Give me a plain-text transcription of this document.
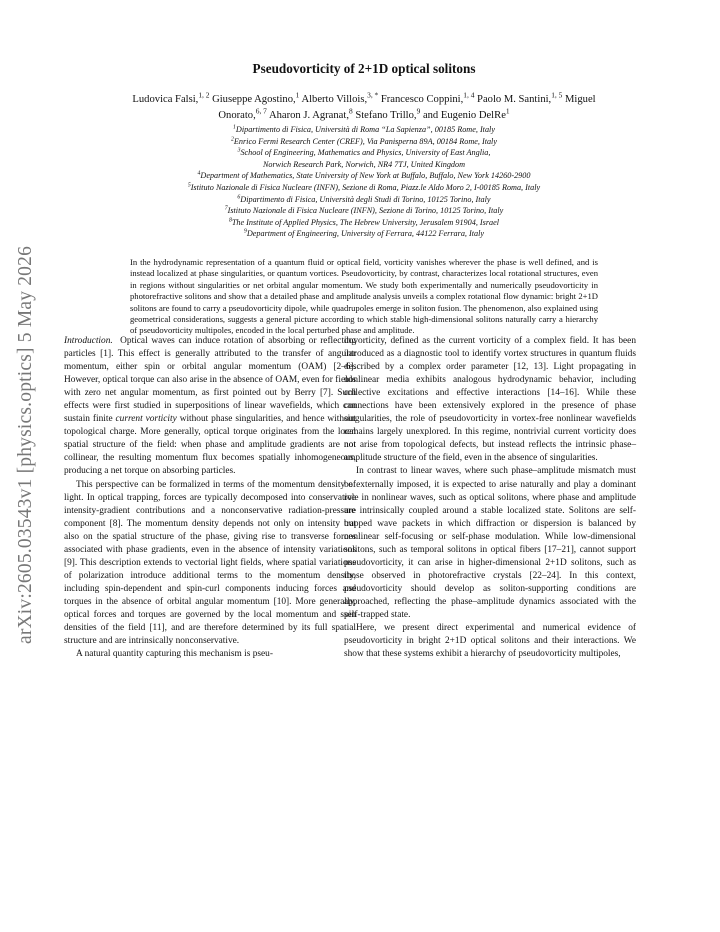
arXiv:2605.03543v1 [physics.optics] 5 May 2026
Pseudovorticity of 2+1D optical solitons
Ludovica Falsi,$^{1, 2}$ Giuseppe Agostino,$^1$ Alberto Villois,$^{3, *}$ Francesco Coppini,$^{1, 4}$ Paolo M. Santini,$^{1, 5}$ Miguel Onorato,$^{6, 7}$ Aharon J. Agranat,$^8$ Stefano Trillo,$^9$ and Eugenio DelRe$^1$
$^1$Dipartimento di Fisica, Università di Roma “La Sapienza”, 00185 Rome, Italy
$^2$Enrico Fermi Research Center (CREF), Via Panisperna 89A, 00184 Rome, Italy
$^3$School of Engineering, Mathematics and Physics, University of East Anglia,
Norwich Research Park, Norwich, NR4 7TJ, United Kingdom
$^4$Department of Mathematics, State University of New York at Buffalo, Buffalo, New York 14260-2900
$^5$Istituto Nazionale di Fisica Nucleare (INFN), Sezione di Roma, Piazz.le Aldo Moro 2, I-00185 Roma, Italy
$^6$Dipartimento di Fisica, Università degli Studi di Torino, 10125 Torino, Italy
$^7$Istituto Nazionale di Fisica Nucleare (INFN), Sezione di Torino, 10125 Torino, Italy
$^8$The Institute of Applied Physics, The Hebrew University, Jerusalem 91904, Israel
$^9$Department of Engineering, University of Ferrara, 44122 Ferrara, Italy
In the hydrodynamic representation of a quantum fluid or optical field, vorticity vanishes wherever the phase is well defined, and is instead localized at phase singularities, or quantum vortices. Pseudovorticity, by contrast, characterizes local rotational structures, even in regions without singularities or net orbital angular momentum. We study both experimentally and numerically pseudovorticity in photorefractive solitons and show that a detailed phase and amplitude analysis unveils a complex rotational flow dynamic: bright 2+1D solitons are found to carry a pseudovorticity dipole, while quadrupoles emerge in soliton fusion. The phenomenon, also explained using geometrical considerations, suggests a general picture according to which stable high-dimensional solitons naturally carry a hierarchy of pseudovorticity multipoles, encoded in the local perturbed phase and amplitude.

Introduction. Optical waves can induce rotation of absorbing or reflecting particles [1]. This effect is generally attributed to the transfer of angular momentum, either spin or orbital angular momentum (OAM) [2–6]. However, optical torque can also arise in the absence of OAM, even for fields with zero net angular momentum, as first pointed out by Berry [7]. Such effects were first studied in superpositions of linear wavefields, which can sustain finite current vorticity without phase singularities, and hence without topological charge. More generally, optical torque originates from the local spatial structure of the field: when phase and amplitude gradients are not collinear, the resulting momentum flux becomes spatially inhomogeneous, producing a net torque on absorbing particles.

This perspective can be formalized in terms of the momentum density of light. In optical trapping, forces are typically decomposed into conservative intensity-gradient contributions and a nonconservative radiation-pressure component [8]. The momentum density depends not only on intensity but also on the spatial structure of the phase, giving rise to transverse forces associated with phase gradients, even in the absence of intensity variations [9]. This description extends to vectorial light fields, where spatial variations of polarization introduce additional terms to the momentum density, including spin-dependent and spin-curl components inducing forces and torques in the absence of orbital angular momentum [10]. More generally, optical forces and torques are governed by the local momentum and spin densities of the field [11], and are therefore determined by its full spatial structure and are intrinsically nonconservative.

A natural quantity capturing this mechanism is pseu-

dovorticity, defined as the current vorticity of a complex field. It has been introduced as a diagnostic tool to identify vortex structures in quantum fluids described by a complex order parameter [12, 13]. Light propagating in nonlinear media exhibits analogous hydrodynamic behavior, including collective excitations and effective interactions [14–16]. While these connections have been extensively explored in the presence of phase singularities, the role of pseudovorticity in vortex-free nonlinear wavefields remains largely unexplored. In this regime, nontrivial current vorticity does not arise from topological defects, but instead reflects the intrinsic phase–amplitude structure of the field, even in the absence of singularities.

In contrast to linear waves, where such phase–amplitude mismatch must be externally imposed, it is expected to arise naturally and play a dominant role in nonlinear waves, such as optical solitons, where phase and amplitude are intrinsically coupled around a stable localized state. Solitons are self-trapped wave packets in which diffraction or dispersion is balanced by nonlinear self-focusing or self-phase modulation. While low-dimensional solitons, such as temporal solitons in optical fibers [17–21], cannot support pseudovorticity, it can arise in higher-dimensional 2+1D solitons, such as those observed in photorefractive crystals [22–24]. In this context, pseudovorticity should develop as soliton-supporting conditions are approached, reflecting the phase–amplitude dynamics associated with the self-trapped state.

Here, we present direct experimental and numerical evidence of pseudovorticity in bright 2+1D optical solitons and their interactions. We show that these systems exhibit a hierarchy of pseudovorticity multipoles,
